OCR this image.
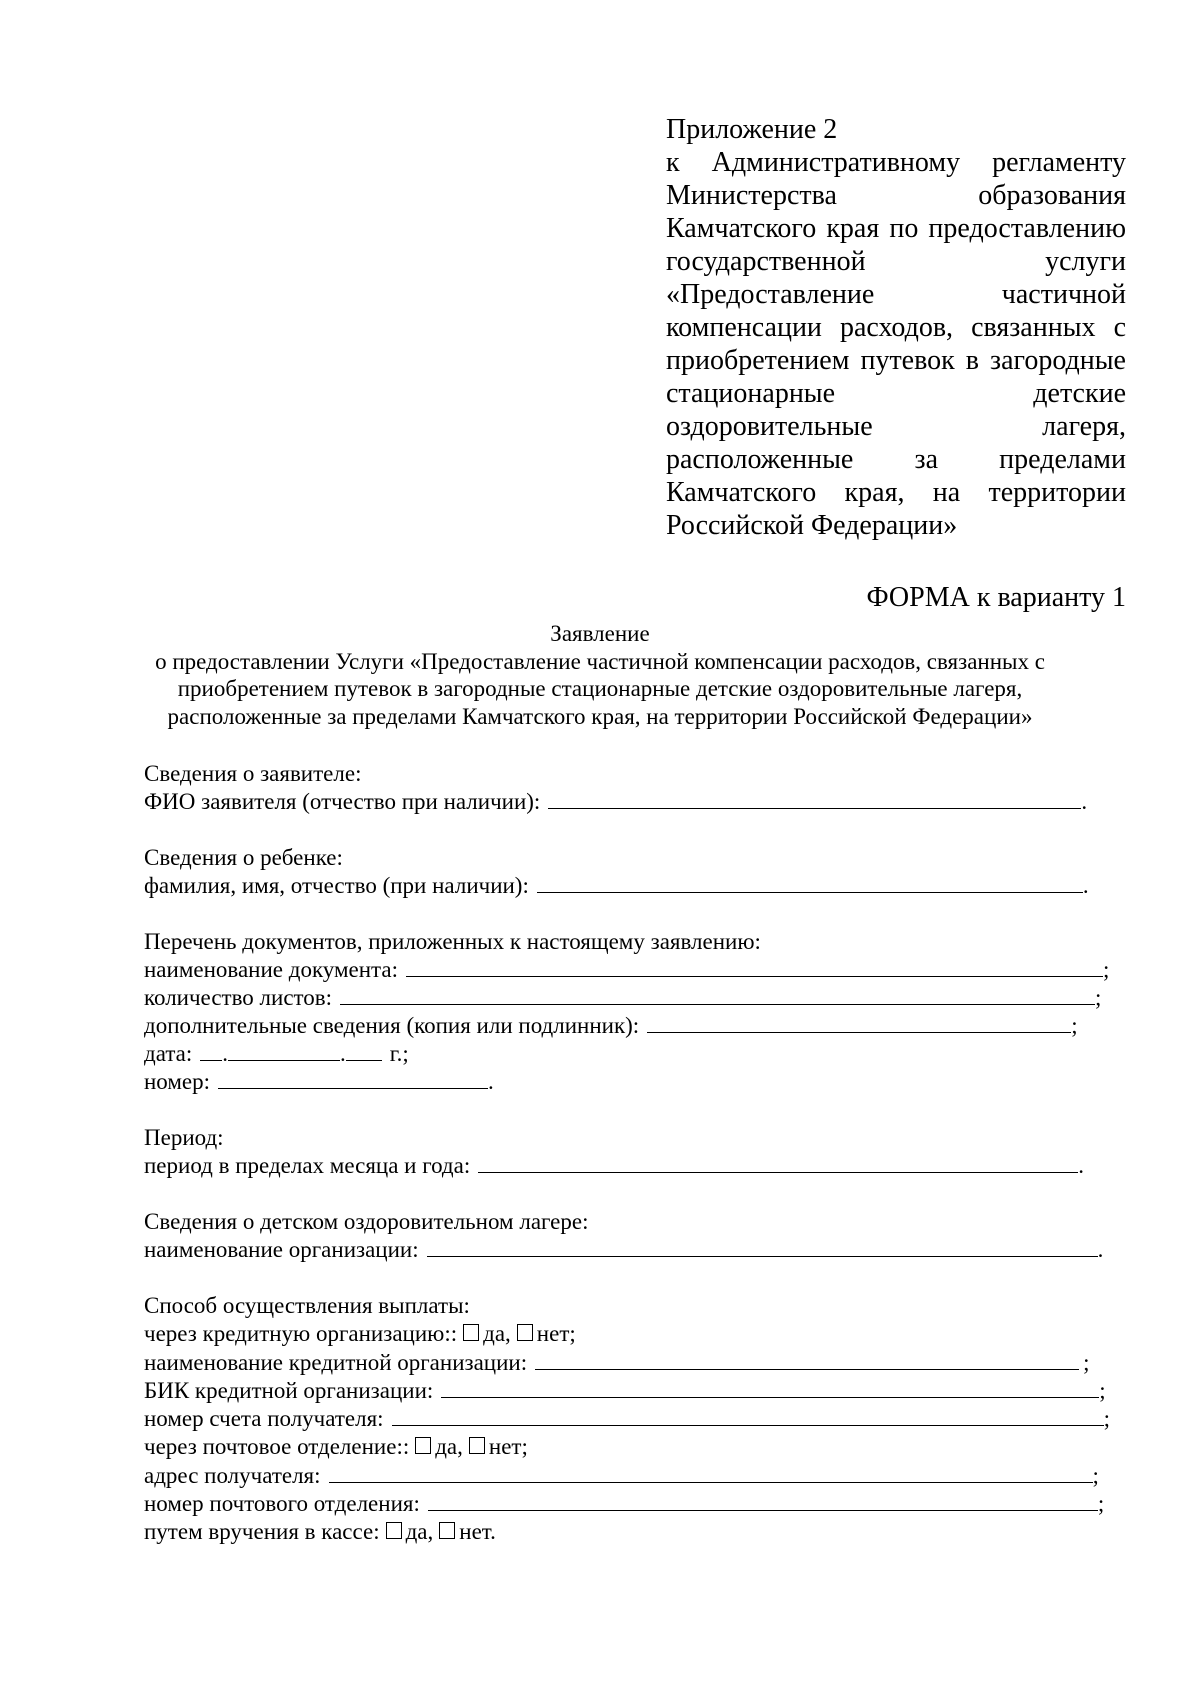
Приложение 2
к Административному регламенту
Министерства образования
Камчатского края по предоставлению
государственной услуги
«Предоставление частичной
компенсации расходов, связанных с
приобретением путевок в загородные
стационарные детские
оздоровительные лагеря,
расположенные за пределами
Камчатского края, на территории
Российской Федерации»
ФОРМА к варианту 1
Заявление
о предоставлении Услуги «Предоставление частичной компенсации расходов, связанных с
приобретением путевок в загородные стационарные детские оздоровительные лагеря,
расположенные за пределами Камчатского края, на территории Российской Федерации»
Сведения о заявителе:
ФИО заявителя (отчество при наличии):	.
Сведения о ребенке:
фамилия, имя, отчество (при наличии):	.
Перечень документов, приложенных к настоящему заявлению:
наименование документа:	;
количество листов:	;
дополнительные сведения (копия или подлинник):	;
дата: .	. г.;
номер:	.
Период:
период в пределах месяца и года:	.
Сведения о детском оздоровительном лагере:
наименование организации:	.
Способ осуществления выплаты:
через кредитную организацию:: да, нет;
наименование кредитной организации:	;
БИК кредитной организации:	;
номер счета получателя:	;
через почтовое отделение:: да, нет;
адрес получателя:	;
номер почтового отделения:	;
путем вручения в кассе: да, нет.
